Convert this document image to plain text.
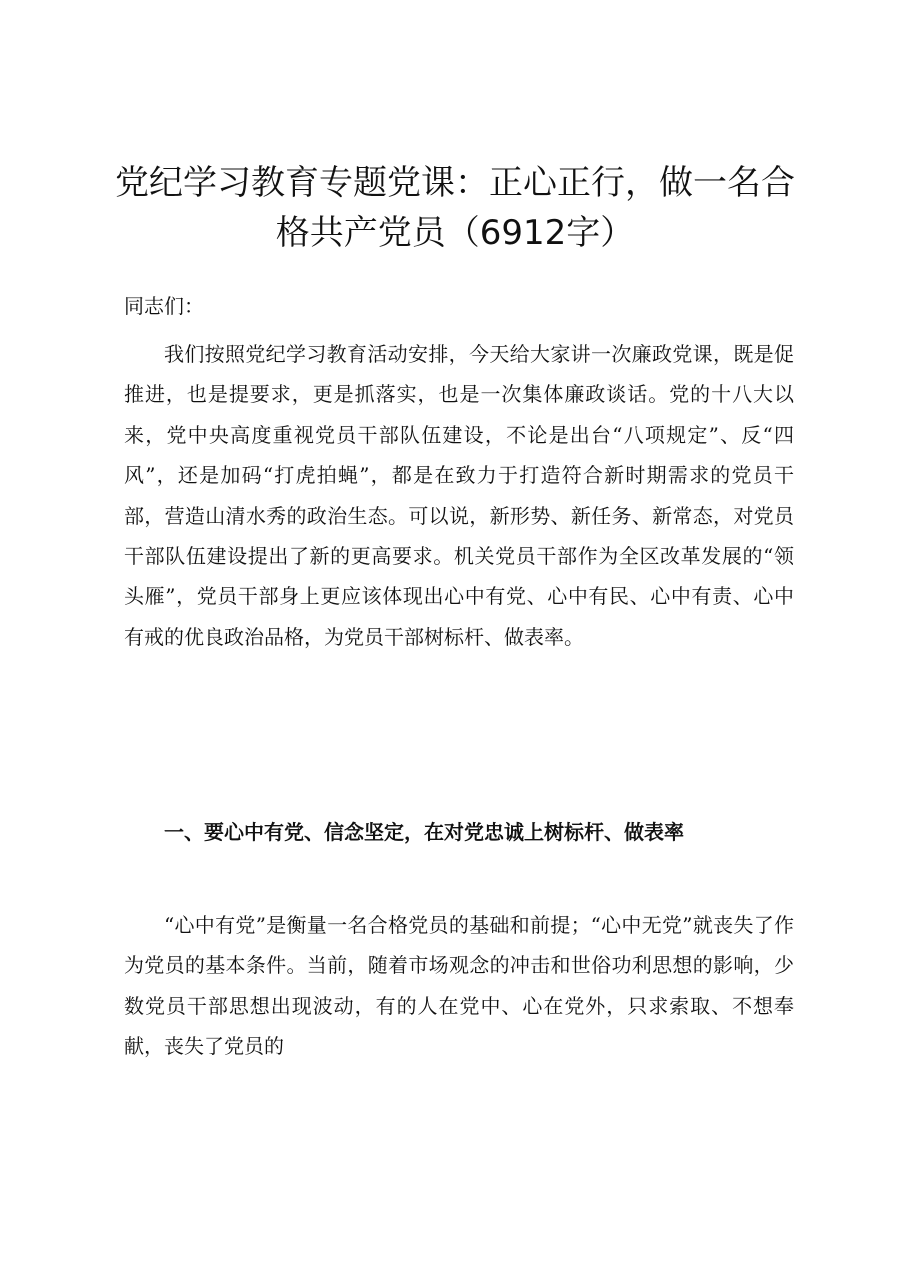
党纪学习教育专题党课：正心正行，做一名合格共产党员（6912字）

同志们：

我们按照党纪学习教育活动安排，今天给大家讲一次廉政党课，既是促推进，也是提要求，更是抓落实，也是一次集体廉政谈话。党的十八大以来，党中央高度重视党员干部队伍建设，不论是出台“八项规定”、反“四风”，还是加码“打虎拍蝇”，都是在致力于打造符合新时期需求的党员干部，营造山清水秀的政治生态。可以说，新形势、新任务、新常态，对党员干部队伍建设提出了新的更高要求。机关党员干部作为全区改革发展的“领头雁”，党员干部身上更应该体现出心中有党、心中有民、心中有责、心中有戒的优良政治品格，为党员干部树标杆、做表率。

一、要心中有党、信念坚定，在对党忠诚上树标杆、做表率

“心中有党”是衡量一名合格党员的基础和前提；“心中无党”就丧失了作为党员的基本条件。当前，随着市场观念的冲击和世俗功利思想的影响，少数党员干部思想出现波动，有的人在党中、心在党外，只求索取、不想奉献，丧失了党员的
